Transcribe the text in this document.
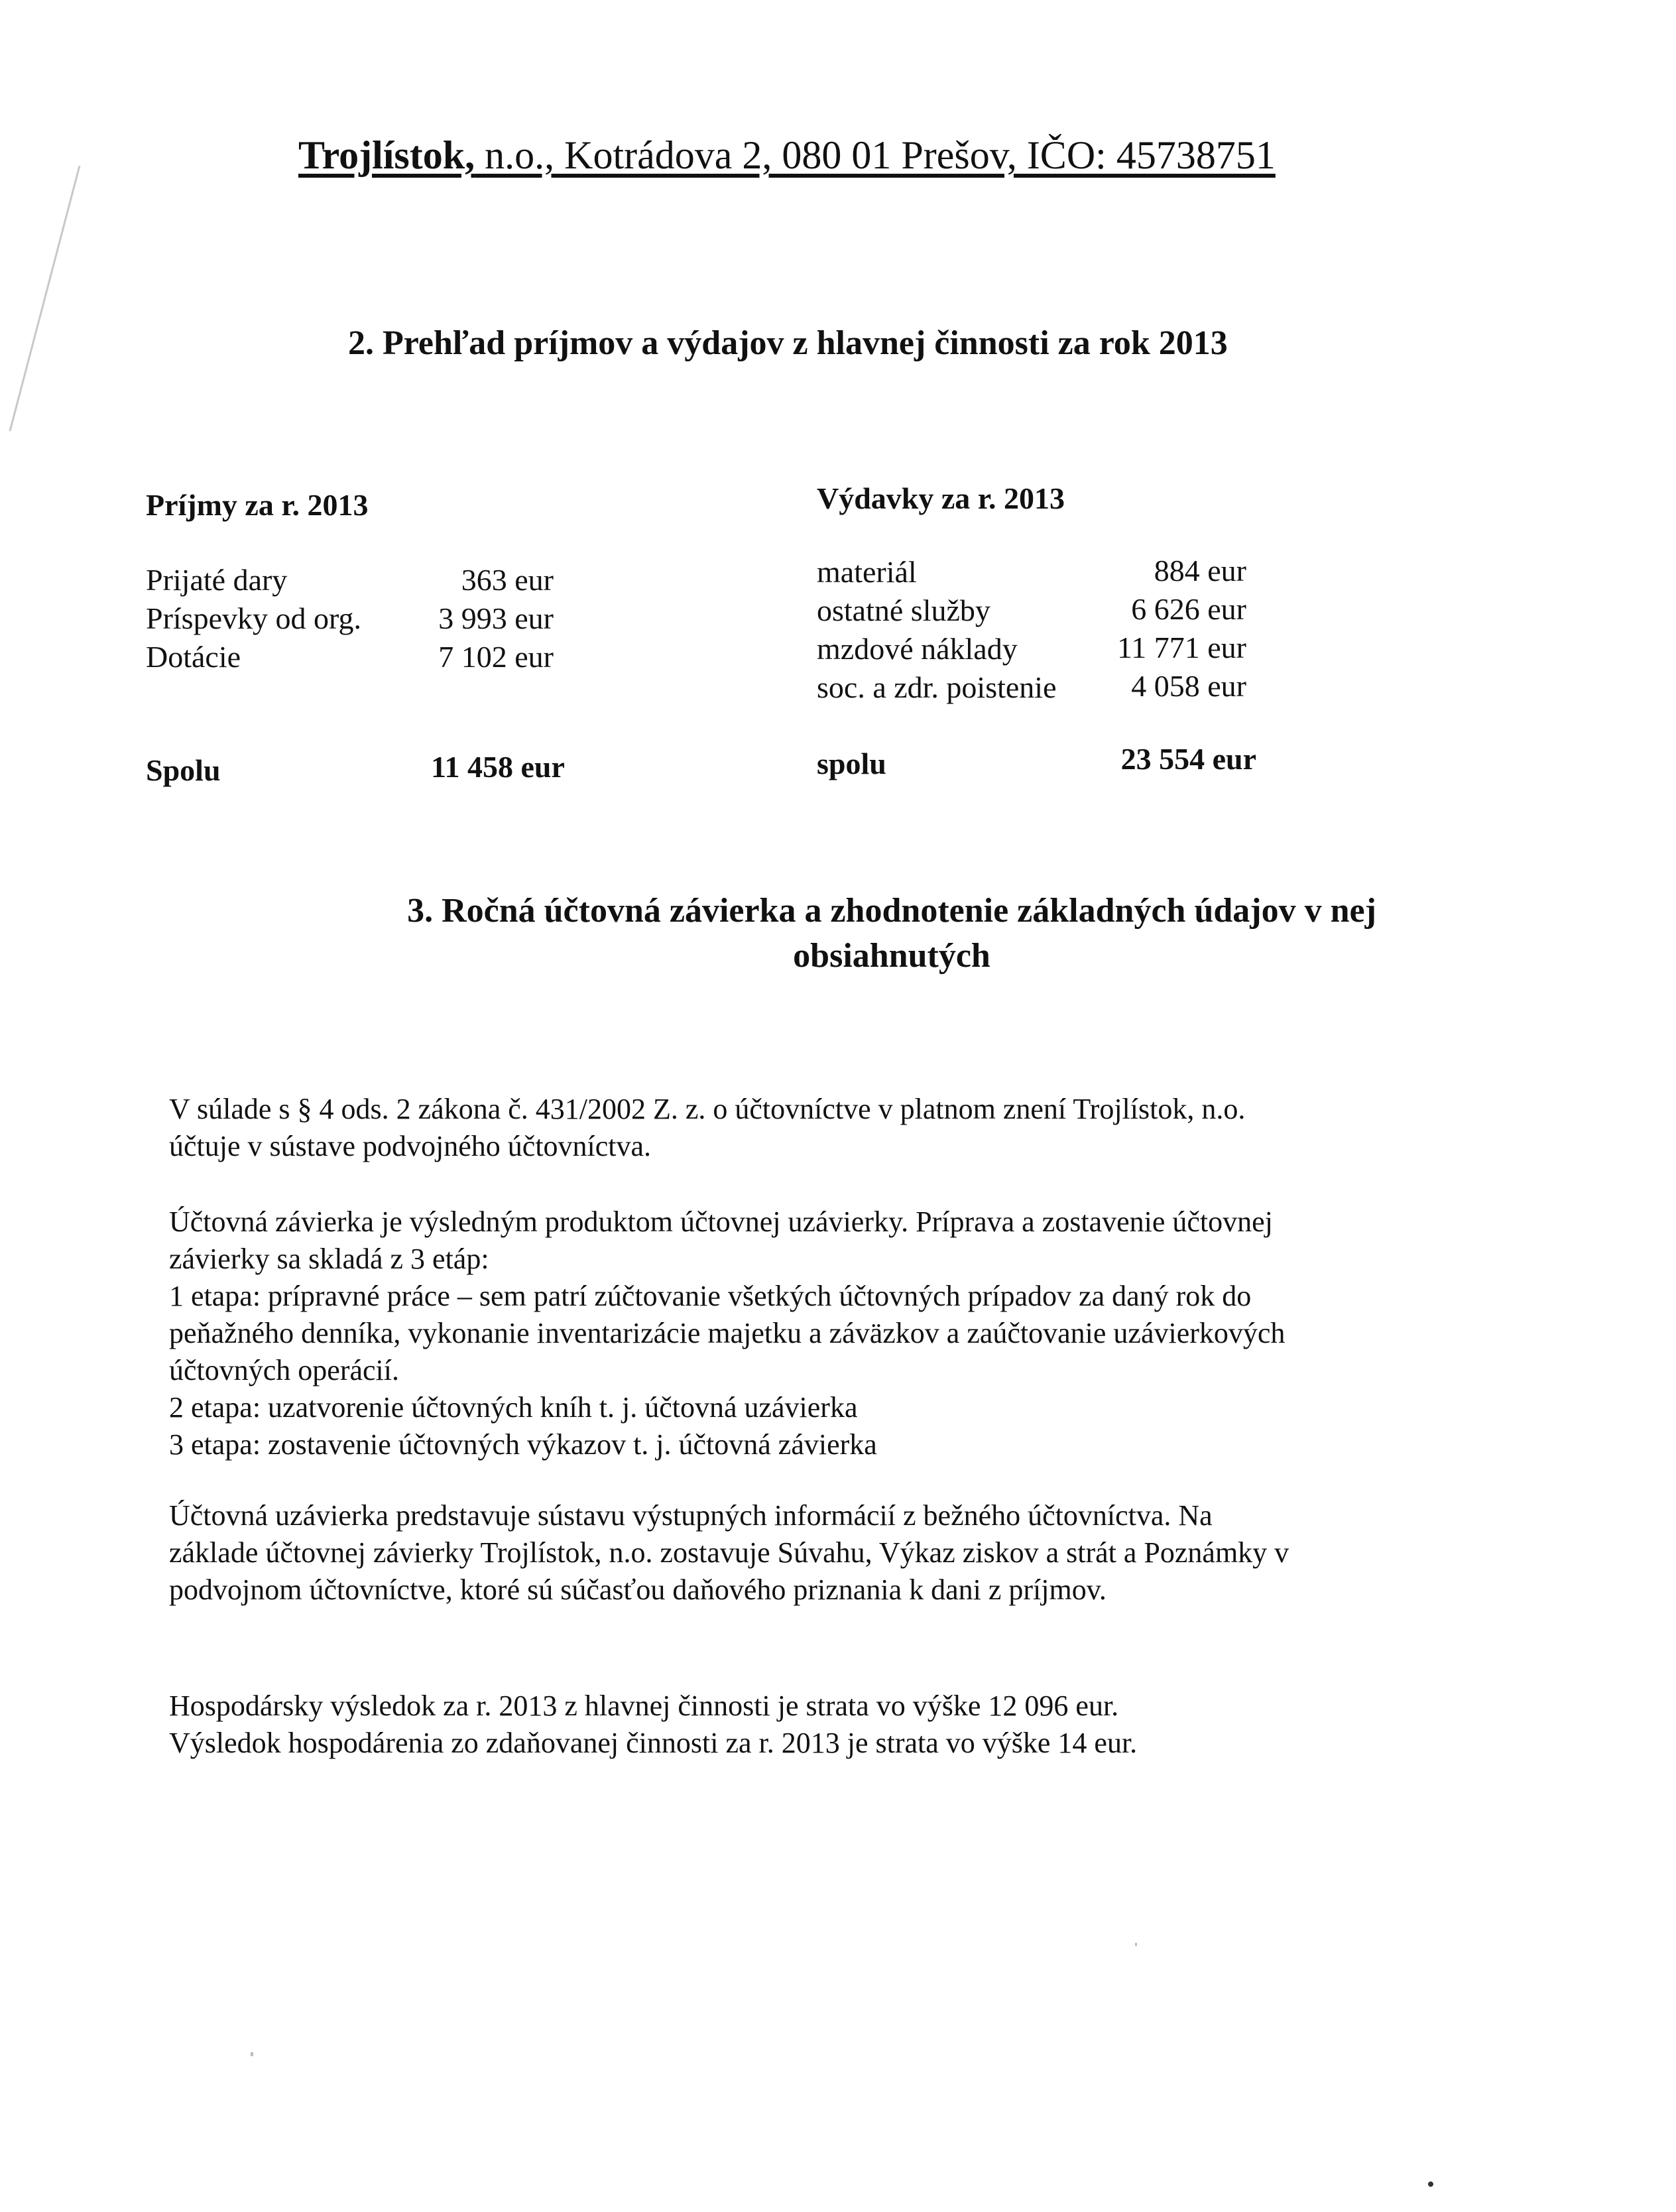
Trojlístok, n.o., Kotrádova 2, 080 01 Prešov, IČO: 45738751
2. Prehľad príjmov a výdajov z hlavnej činnosti za rok 2013
Príjmy za r. 2013
Prijaté dary	363 eur
Príspevky od org.	3 993 eur
Dotácie	7 102 eur
Spolu	11 458 eur
Výdavky za r. 2013
materiál	884 eur
ostatné služby	6 626 eur
mzdové náklady	11 771 eur
soc. a zdr. poistenie	4 058 eur
spolu	23 554 eur
3. Ročná účtovná závierka a zhodnotenie základných údajov v nej
obsiahnutých
V súlade s § 4 ods. 2 zákona č. 431/2002 Z. z. o účtovníctve v platnom znení Trojlístok, n.o.
účtuje v sústave podvojného účtovníctva.
Účtovná závierka je výsledným produktom účtovnej uzávierky. Príprava a zostavenie účtovnej
závierky sa skladá z 3 etáp:
1 etapa: prípravné práce – sem patrí zúčtovanie všetkých účtovných prípadov za daný rok do
peňažného denníka, vykonanie inventarizácie majetku a záväzkov a zaúčtovanie uzávierkových
účtovných operácií.
2 etapa: uzatvorenie účtovných kníh t. j. účtovná uzávierka
3 etapa: zostavenie účtovných výkazov t. j. účtovná závierka
Účtovná uzávierka predstavuje sústavu výstupných informácií z bežného účtovníctva. Na
základe účtovnej závierky Trojlístok, n.o. zostavuje Súvahu, Výkaz ziskov a strát a Poznámky v
podvojnom účtovníctve, ktoré sú súčasťou daňového priznania k dani z príjmov.
Hospodársky výsledok za r. 2013 z hlavnej činnosti je strata vo výške 12 096 eur.
Výsledok hospodárenia zo zdaňovanej činnosti za r. 2013 je strata vo výške 14 eur.
